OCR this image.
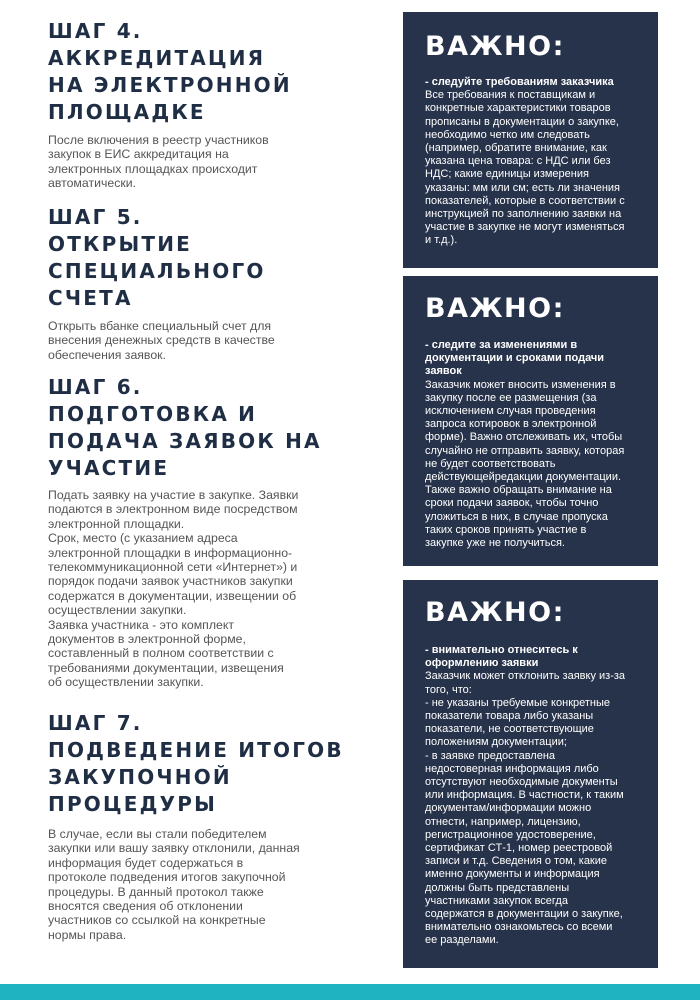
ШАГ 4.
АККРЕДИТАЦИЯ
НА ЭЛЕКТРОННОЙ
ПЛОЩАДКЕ

После включения в реестр участников
закупок в ЕИС аккредитация на
электронных площадках происходит
автоматически.

ШАГ 5.
ОТКРЫТИЕ
СПЕЦИАЛЬНОГО
СЧЕТА

Открыть вбанке специальный счет для
внесения денежных средств в качестве
обеспечения заявок.

ШАГ 6.
ПОДГОТОВКА И
ПОДАЧА ЗАЯВОК НА
УЧАСТИЕ

Подать заявку на участие в закупке. Заявки
подаются в электронном виде посредством
электронной площадки.
Срок, место (с указанием адреса
электронной площадки в информационно-
телекоммуникационной сети «Интернет») и
порядок подачи заявок участников закупки
содержатся в документации, извещении об
осуществлении закупки.
Заявка участника - это комплект
документов в электронной форме,
составленный в полном соответствии с
требованиями документации, извещения
об осуществлении закупки.

ШАГ 7.
ПОДВЕДЕНИЕ ИТОГОВ
ЗАКУПОЧНОЙ
ПРОЦЕДУРЫ

В случае, если вы стали победителем
закупки или вашу заявку отклонили, данная
информация будет содержаться в
протоколе подведения итогов закупочной
процедуры. В данный протокол также
вносятся сведения об отклонении
участников со ссылкой на конкретные
нормы права.

ВАЖНО:
- следуйте требованиям заказчика
Все требования к поставщикам и
конкретные характеристики товаров
прописаны в документации о закупке,
необходимо четко им следовать
(например, обратите внимание, как
указана цена товара: с НДС или без
НДС; какие единицы измерения
указаны: мм или см; есть ли значения
показателей, которые в соответствии с
инструкцией по заполнению заявки на
участие в закупке не могут изменяться
и т.д.).
ВАЖНО:
- следите за изменениями в
документации и сроками подачи
заявок
Заказчик может вносить изменения в
закупку после ее размещения (за
исключением случая проведения
запроса котировок в электронной
форме). Важно отслеживать их, чтобы
случайно не отправить заявку, которая
не будет соответствовать
действующейредакции документации.
Также важно обращать внимание на
сроки подачи заявок, чтобы точно
уложиться в них, в случае пропуска
таких сроков принять участие в
закупке уже не получиться.
ВАЖНО:
- внимательно отнеситесь к
оформлению заявки
Заказчик может отклонить заявку из-за
того, что:
- не указаны требуемые конкретные
показатели товара либо указаны
показатели, не соответствующие
положениям документации;
- в заявке предоставлена
недостоверная информация либо
отсутствуют необходимые документы
или информация. В частности, к таким
документам/информации можно
отнести, например, лицензию,
регистрационное удостоверение,
сертификат СТ-1, номер реестровой
записи и т.д. Сведения о том, какие
именно документы и информация
должны быть представлены
участниками закупок всегда
содержатся в документации о закупке,
внимательно ознакомьтесь со всеми
ее разделами.
